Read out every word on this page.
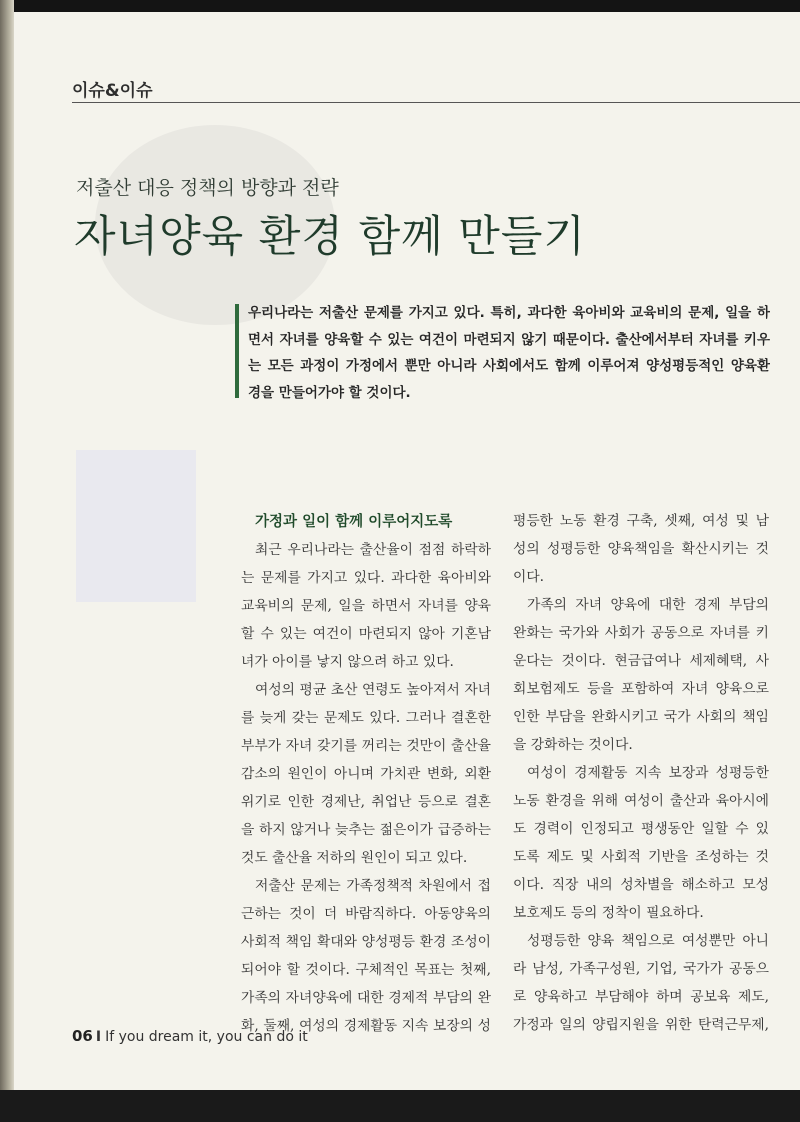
이슈&이슈
저출산 대응 정책의 방향과 전략
자녀양육 환경 함께 만들기
우리나라는 저출산 문제를 가지고 있다. 특히, 과다한 육아비와 교육비의 문제, 일을 하
면서 자녀를 양육할 수 있는 여건이 마련되지 않기 때문이다. 출산에서부터 자녀를 키우
는 모든 과정이 가정에서 뿐만 아니라 사회에서도 함께 이루어져 양성평등적인 양육환
경을 만들어가야 할 것이다.
가정과 일이 함께 이루어지도록
최근 우리나라는 출산율이 점점 하락하
는 문제를 가지고 있다. 과다한 육아비와
교육비의 문제, 일을 하면서 자녀를 양육
할 수 있는 여건이 마련되지 않아 기혼남
녀가 아이를 낳지 않으려 하고 있다.
여성의 평균 초산 연령도 높아져서 자녀
를 늦게 갖는 문제도 있다. 그러나 결혼한
부부가 자녀 갖기를 꺼리는 것만이 출산율
감소의 원인이 아니며 가치관 변화, 외환
위기로 인한 경제난, 취업난 등으로 결혼
을 하지 않거나 늦추는 젊은이가 급증하는
것도 출산율 저하의 원인이 되고 있다.
저출산 문제는 가족정책적 차원에서 접
근하는 것이 더 바람직하다. 아동양육의
사회적 책임 확대와 양성평등 환경 조성이
되어야 할 것이다. 구체적인 목표는 첫째,
가족의 자녀양육에 대한 경제적 부담의 완
화, 둘째, 여성의 경제활동 지속 보장의 성
평등한 노동 환경 구축, 셋째, 여성 및 남
성의 성평등한 양육책임을 확산시키는 것
이다.
가족의 자녀 양육에 대한 경제 부담의
완화는 국가와 사회가 공동으로 자녀를 키
운다는 것이다. 현금급여나 세제혜택, 사
회보험제도 등을 포함하여 자녀 양육으로
인한 부담을 완화시키고 국가 사회의 책임
을 강화하는 것이다.
여성이 경제활동 지속 보장과 성평등한
노동 환경을 위해 여성이 출산과 육아시에
도 경력이 인정되고 평생동안 일할 수 있
도록 제도 및 사회적 기반을 조성하는 것
이다. 직장 내의 성차별을 해소하고 모성
보호제도 등의 정착이 필요하다.
성평등한 양육 책임으로 여성뿐만 아니
라 남성, 가족구성원, 기업, 국가가 공동으
로 양육하고 부담해야 하며 공보육 제도,
가정과 일의 양립지원을 위한 탄력근무제,
06 I If you dream it, you can do it
